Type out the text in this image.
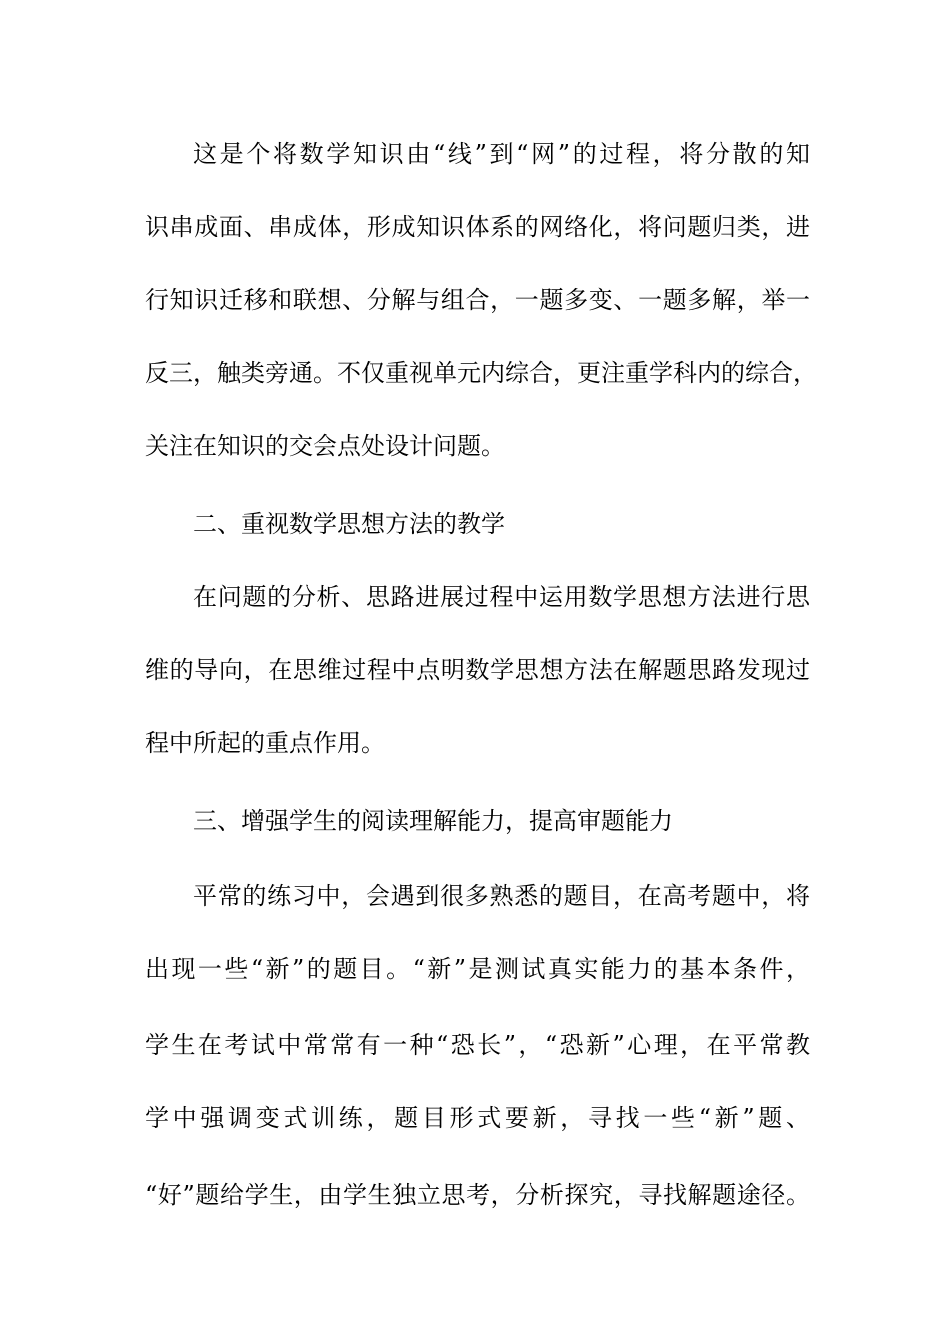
这是个将数学知识由“线”到“网”的过程，将分散的知
识串成面、串成体，形成知识体系的网络化，将问题归类，进
行知识迁移和联想、分解与组合，一题多变、一题多解，举一
反三，触类旁通。不仅重视单元内综合，更注重学科内的综合，
关注在知识的交会点处设计问题。
二、重视数学思想方法的教学
在问题的分析、思路进展过程中运用数学思想方法进行思
维的导向，在思维过程中点明数学思想方法在解题思路发现过
程中所起的重点作用。
三、增强学生的阅读理解能力，提高审题能力
平常的练习中，会遇到很多熟悉的题目，在高考题中，将
出现一些“新”的题目。“新”是测试真实能力的基本条件，
学生在考试中常常有一种“恐长”，“恐新”心理，在平常教
学中强调变式训练，题目形式要新，寻找一些“新”题、
“好”题给学生，由学生独立思考，分析探究，寻找解题途径。
